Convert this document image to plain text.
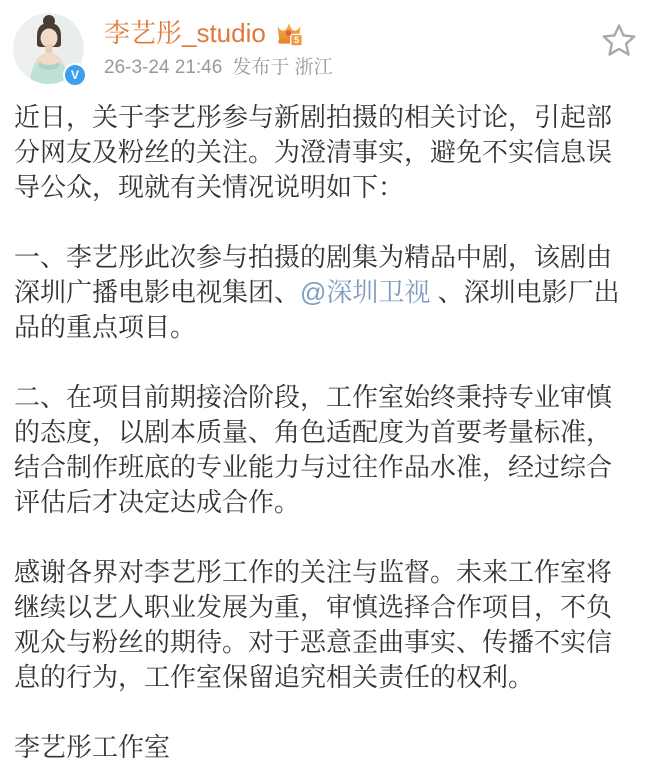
V
李艺彤_studio	5
26-3-24 21:46 发布于 浙江

近日，关于李艺彤参与新剧拍摄的相关讨论，引起部分网友及粉丝的关注。为澄清事实，避免不实信息误导公众，现就有关情况说明如下：

一、李艺彤此次参与拍摄的剧集为精品中剧，该剧由深圳广播电影电视集团、@深圳卫视 、深圳电影厂出品的重点项目。

二、在项目前期接洽阶段，工作室始终秉持专业审慎的态度，以剧本质量、角色适配度为首要考量标准，结合制作班底的专业能力与过往作品水准，经过综合评估后才决定达成合作。

感谢各界对李艺彤工作的关注与监督。未来工作室将继续以艺人职业发展为重，审慎选择合作项目，不负观众与粉丝的期待。对于恶意歪曲事实、传播不实信息的行为，工作室保留追究相关责任的权利。

李艺彤工作室
